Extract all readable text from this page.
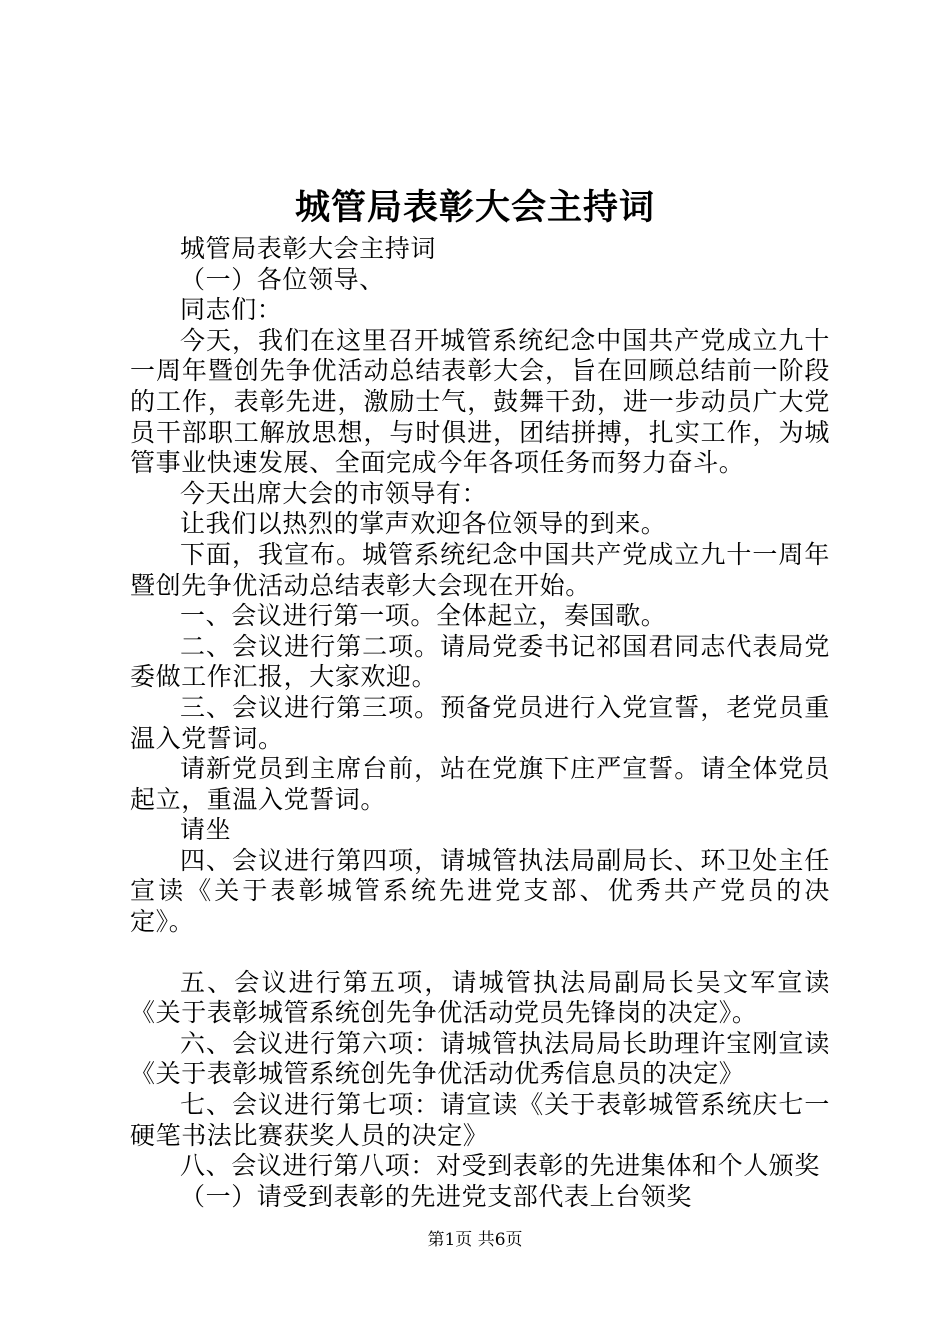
城管局表彰大会主持词

城管局表彰大会主持词

（一）各位领导、

同志们：

今天，我们在这里召开城管系统纪念中国共产党成立九十一周年暨创先争优活动总结表彰大会，旨在回顾总结前一阶段的工作，表彰先进，激励士气，鼓舞干劲，进一步动员广大党员干部职工解放思想，与时俱进，团结拼搏，扎实工作，为城管事业快速发展、全面完成今年各项任务而努力奋斗。

今天出席大会的市领导有：

让我们以热烈的掌声欢迎各位领导的到来。

下面，我宣布。城管系统纪念中国共产党成立九十一周年暨创先争优活动总结表彰大会现在开始。

一、会议进行第一项。全体起立，奏国歌。

二、会议进行第二项。请局党委书记祁国君同志代表局党委做工作汇报，大家欢迎。

三、会议进行第三项。预备党员进行入党宣誓，老党员重温入党誓词。

请新党员到主席台前，站在党旗下庄严宣誓。请全体党员起立，重温入党誓词。

请坐

四、会议进行第四项，请城管执法局副局长、环卫处主任宣读《关于表彰城管系统先进党支部、优秀共产党员的决定》。

五、会议进行第五项，请城管执法局副局长吴文军宣读《关于表彰城管系统创先争优活动党员先锋岗的决定》。

六、会议进行第六项：请城管执法局局长助理许宝刚宣读《关于表彰城管系统创先争优活动优秀信息员的决定》

七、会议进行第七项：请宣读《关于表彰城管系统庆七一硬笔书法比赛获奖人员的决定》

八、会议进行第八项：对受到表彰的先进集体和个人颁奖

（一）请受到表彰的先进党支部代表上台领奖

第1页 共6页
